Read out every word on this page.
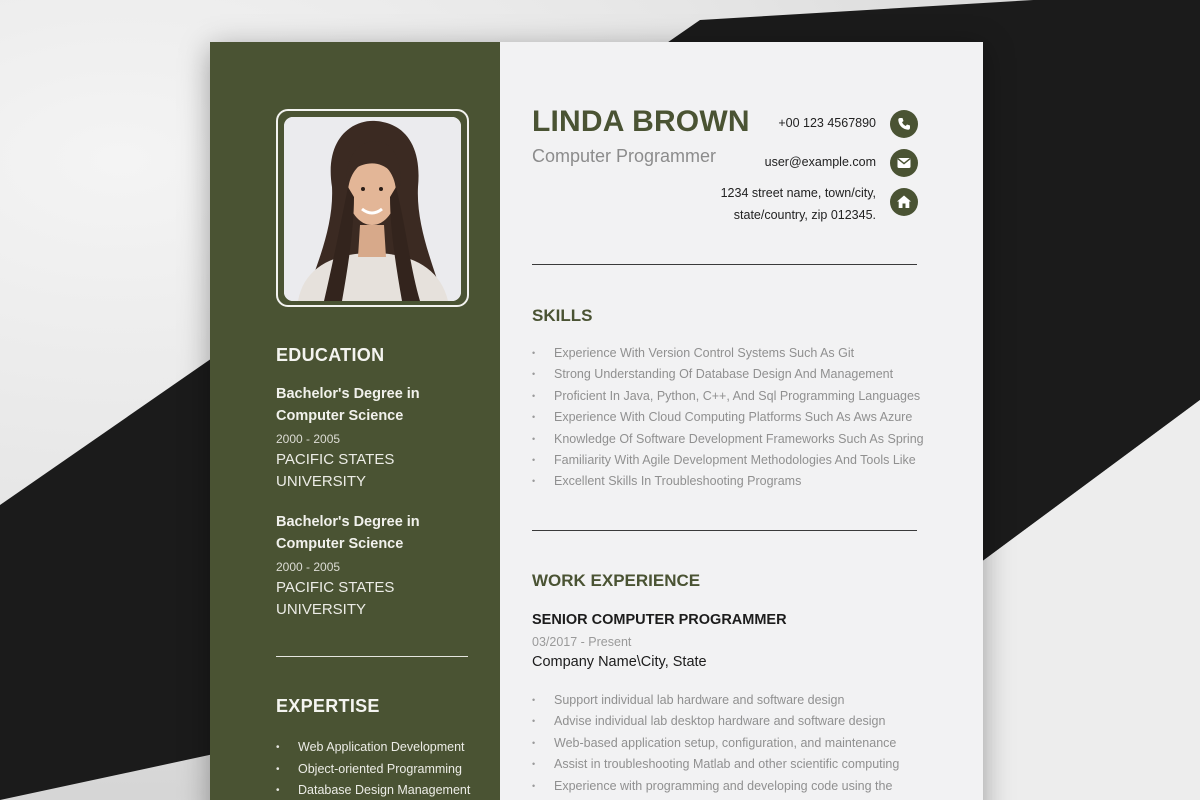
EDUCATION
Bachelor's Degree in Computer Science
2000 - 2005
PACIFIC STATES UNIVERSITY
Bachelor's Degree in Computer Science
2000 - 2005
PACIFIC STATES UNIVERSITY
EXPERTISE
• Web Application Development
• Object-oriented Programming
• Database Design Management
LINDA BROWN
Computer Programmer
+00 123 4567890
user@example.com
1234 street name, town/city,
state/country, zip 012345.
SKILLS
• Experience With Version Control Systems Such As Git
• Strong Understanding Of Database Design And Management
• Proficient In Java, Python, C++, And Sql Programming Languages
• Experience With Cloud Computing Platforms Such As Aws Azure
• Knowledge Of Software Development Frameworks Such As Spring
• Familiarity With Agile Development Methodologies And Tools Like
• Excellent Skills In Troubleshooting Programs
WORK EXPERIENCE
SENIOR COMPUTER PROGRAMMER
03/2017 - Present
Company Name\City, State
• Support individual lab hardware and software design
• Advise individual lab desktop hardware and software design
• Web-based application setup, configuration, and maintenance
• Assist in troubleshooting Matlab and other scientific computing
• Experience with programming and developing code using the
